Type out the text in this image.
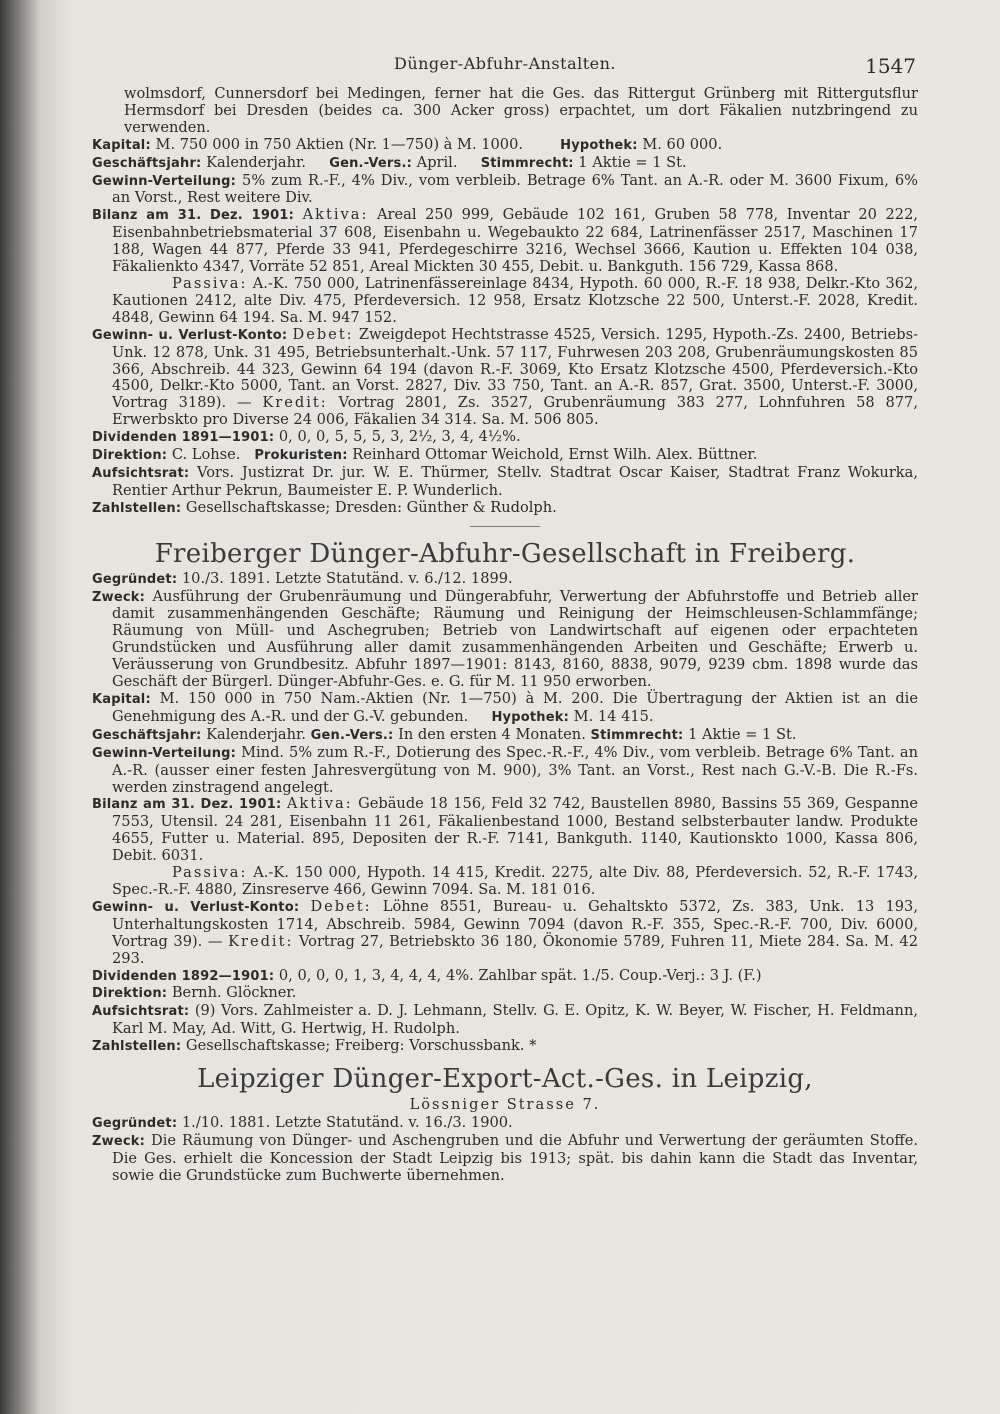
Dünger-Abfuhr-Anstalten.	1547

wolmsdorf, Cunnersdorf bei Medingen, ferner hat die Ges. das Rittergut Grünberg mit Rittergutsflur Hermsdorf bei Dresden (beides ca. 300 Acker gross) erpachtet, um dort Fäkalien nutzbringend zu verwenden.

Kapital: M. 750 000 in 750 Aktien (Nr. 1—750) à M. 1000.	Hypothek: M. 60 000.

Geschäftsjahr: Kalenderjahr. Gen.-Vers.: April. Stimmrecht: 1 Aktie = 1 St.

Gewinn-Verteilung: 5% zum R.-F., 4% Div., vom verbleib. Betrage 6% Tant. an A.-R. oder M. 3600 Fixum, 6% an Vorst., Rest weitere Div.

Bilanz am 31. Dez. 1901: Aktiva: Areal 250 999, Gebäude 102 161, Gruben 58 778, Inventar 20 222, Eisenbahnbetriebsmaterial 37 608, Eisenbahn u. Wegebaukto 22 684, Latrinenfässer 2517, Maschinen 17 188, Wagen 44 877, Pferde 33 941, Pferdegeschirre 3216, Wechsel 3666, Kaution u. Effekten 104 038, Fäkalienkto 4347, Vorräte 52 851, Areal Mickten 30 455, Debit. u. Bankguth. 156 729, Kassa 868.

Passiva: A.-K. 750 000, Latrinenfässereinlage 8434, Hypoth. 60 000, R.-F. 18 938, Delkr.-Kto 362, Kautionen 2412, alte Div. 475, Pferdeversich. 12 958, Ersatz Klotzsche 22 500, Unterst.-F. 2028, Kredit. 4848, Gewinn 64 194. Sa. M. 947 152.

Gewinn- u. Verlust-Konto: Debet: Zweigdepot Hechtstrasse 4525, Versich. 1295, Hypoth.-Zs. 2400, Betriebs-Unk. 12 878, Unk. 31 495, Betriebsunterhalt.-Unk. 57 117, Fuhrwesen 203 208, Grubenräumungskosten 85 366, Abschreib. 44 323, Gewinn 64 194 (davon R.-F. 3069, Kto Ersatz Klotzsche 4500, Pferdeversich.-Kto 4500, Delkr.-Kto 5000, Tant. an Vorst. 2827, Div. 33 750, Tant. an A.-R. 857, Grat. 3500, Unterst.-F. 3000, Vortrag 3189). — Kredit: Vortrag 2801, Zs. 3527, Grubenräumung 383 277, Lohnfuhren 58 877, Erwerbskto pro Diverse 24 006, Fäkalien 34 314. Sa. M. 506 805.

Dividenden 1891—1901: 0, 0, 0, 5, 5, 5, 3, 2½, 3, 4, 4½%.

Direktion: C. Lohse. Prokuristen: Reinhard Ottomar Weichold, Ernst Wilh. Alex. Büttner.

Aufsichtsrat: Vors. Justizrat Dr. jur. W. E. Thürmer, Stellv. Stadtrat Oscar Kaiser, Stadtrat Franz Wokurka, Rentier Arthur Pekrun, Baumeister E. P. Wunderlich.

Zahlstellen: Gesellschaftskasse; Dresden: Günther & Rudolph.

Freiberger Dünger-Abfuhr-Gesellschaft in Freiberg.

Gegründet: 10./3. 1891. Letzte Statutänd. v. 6./12. 1899.

Zweck: Ausführung der Grubenräumung und Düngerabfuhr, Verwertung der Abfuhrstoffe und Betrieb aller damit zusammenhängenden Geschäfte; Räumung und Reinigung der Heimschleusen-Schlammfänge; Räumung von Müll- und Aschegruben; Betrieb von Landwirtschaft auf eigenen oder erpachteten Grundstücken und Ausführung aller damit zusammenhängenden Arbeiten und Geschäfte; Erwerb u. Veräusserung von Grundbesitz. Abfuhr 1897—1901: 8143, 8160, 8838, 9079, 9239 cbm. 1898 wurde das Geschäft der Bürgerl. Dünger-Abfuhr-Ges. e. G. für M. 11 950 erworben.

Kapital: M. 150 000 in 750 Nam.-Aktien (Nr. 1—750) à M. 200. Die Übertragung der Aktien ist an die Genehmigung des A.-R. und der G.-V. gebunden. Hypothek: M. 14 415.

Geschäftsjahr: Kalenderjahr. Gen.-Vers.: In den ersten 4 Monaten. Stimmrecht: 1 Aktie = 1 St.

Gewinn-Verteilung: Mind. 5% zum R.-F., Dotierung des Spec.-R.-F., 4% Div., vom verbleib. Betrage 6% Tant. an A.-R. (ausser einer festen Jahresvergütung von M. 900), 3% Tant. an Vorst., Rest nach G.-V.-B. Die R.-Fs. werden zinstragend angelegt.

Bilanz am 31. Dez. 1901: Aktiva: Gebäude 18 156, Feld 32 742, Baustellen 8980, Bassins 55 369, Gespanne 7553, Utensil. 24 281, Eisenbahn 11 261, Fäkalienbestand 1000, Bestand selbsterbauter landw. Produkte 4655, Futter u. Material. 895, Depositen der R.-F. 7141, Bankguth. 1140, Kautionskto 1000, Kassa 806, Debit. 6031.

Passiva: A.-K. 150 000, Hypoth. 14 415, Kredit. 2275, alte Div. 88, Pferdeversich. 52, R.-F. 1743, Spec.-R.-F. 4880, Zinsreserve 466, Gewinn 7094. Sa. M. 181 016.

Gewinn- u. Verlust-Konto: Debet: Löhne 8551, Bureau- u. Gehaltskto 5372, Zs. 383, Unk. 13 193, Unterhaltungskosten 1714, Abschreib. 5984, Gewinn 7094 (davon R.-F. 355, Spec.-R.-F. 700, Div. 6000, Vortrag 39). — Kredit: Vortrag 27, Betriebskto 36 180, Ökonomie 5789, Fuhren 11, Miete 284. Sa. M. 42 293.

Dividenden 1892—1901: 0, 0, 0, 0, 1, 3, 4, 4, 4, 4%. Zahlbar spät. 1./5. Coup.-Verj.: 3 J. (F.)

Direktion: Bernh. Glöckner.

Aufsichtsrat: (9) Vors. Zahlmeister a. D. J. Lehmann, Stellv. G. E. Opitz, K. W. Beyer, W. Fischer, H. Feldmann, Karl M. May, Ad. Witt, G. Hertwig, H. Rudolph.

Zahlstellen: Gesellschaftskasse; Freiberg: Vorschussbank. *

Leipziger Dünger-Export-Act.-Ges. in Leipzig,
Lössniger Strasse 7.

Gegründet: 1./10. 1881. Letzte Statutänd. v. 16./3. 1900.

Zweck: Die Räumung von Dünger- und Aschengruben und die Abfuhr und Verwertung der geräumten Stoffe. Die Ges. erhielt die Koncession der Stadt Leipzig bis 1913; spät. bis dahin kann die Stadt das Inventar, sowie die Grundstücke zum Buchwerte übernehmen.
